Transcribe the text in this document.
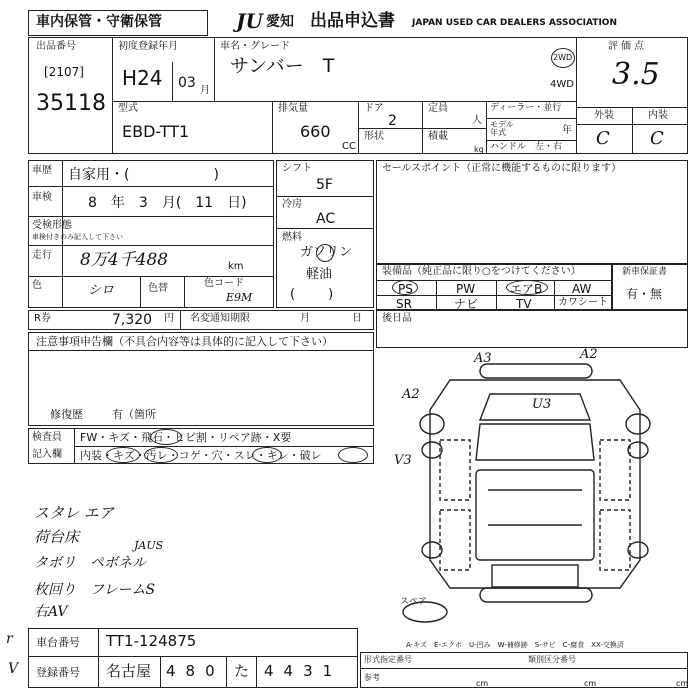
車内保管・守衛保管	JU 愛知 出品申込書 JAPAN USED CAR DEALERS ASSOCIATION
出品番号
[2107]
35118
初度登録年月
H24 03 月
車名・グレード
サンバー　T	2WD
4WD
評価点
3.5
外装	内装
C C
型式
EBD-TT1
排気量
660
CC
ドア
2
形状
定員
人
積載
kg
ディーラー・並行
モデル年式	年
ハンドル　左・右
車歴 自家用・(　　　　　　)
車検	8　年　3　月(　11　日)
受検形態
車検付きのみ記入して下さい
走行 8万4千488	km
色	シロ	色替	色コード
E9M
シフト
5F
冷房
AC
燃料
ガソリン
軽油
(        )
セールスポイント（正常に機能するものに限ります）
装備品（純正品に限り○をつけてください）
PS	PW	エアB AW
SR	ナビ	TV	カワシート
新車保証書
有・無
R券	7,320 円 名変通知期限	月	日 後日品
注意事項申告欄（不具合内容等は具体的に記入して下さい）
修復歴	有（箇所
検査員
記入欄
FW・キズ・飛石・ヒビ割・リペア跡・X要
内装・キズ・汚レ・コゲ・穴・スレ・キレ・破レ
スタレ エア
荷台床	JAUS
タボリ　ペボネル
枚回り　フレームS
右AV
A3	A2
A2
U3
V3
スペア
A-キズ　E-エクボ　U-凹み　W-補修跡　S-サビ　C-腐食　XX-交換済
r
V
車台番号 TT1-124875
登録番号 名古屋 480 た 4431
形式指定番号	類別区分番号
参考
cm	cm	cm
